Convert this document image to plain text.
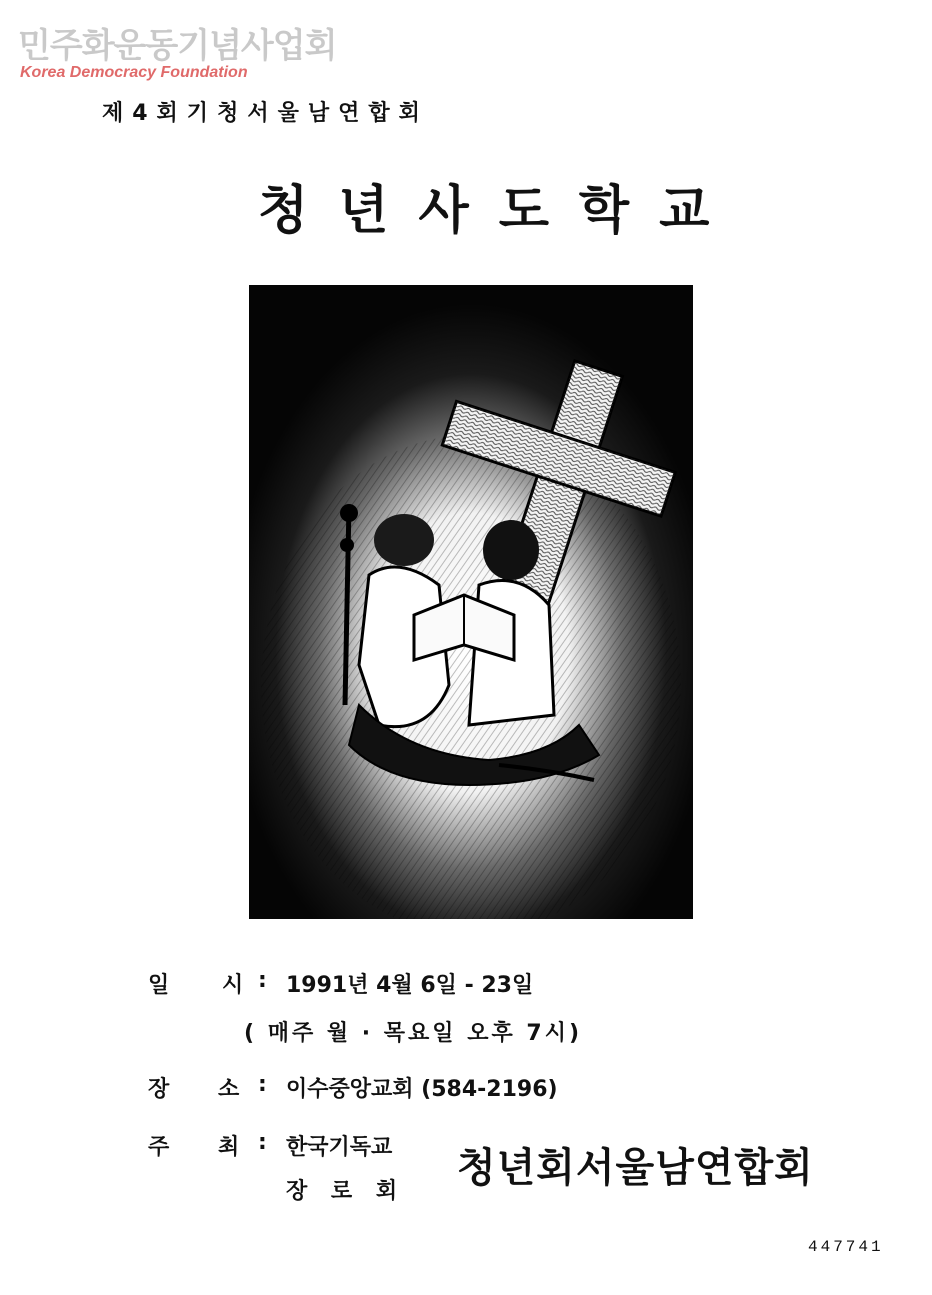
민주화운동기념사업회
Korea Democracy Foundation
제4회기청서울남연합회
청년사도학교
일 시 : 1991년 4월 6일 - 23일
( 매주 월 · 목요일 오후 7시)
장 소 : 이수중앙교회 (584-2196)
주 최 : 한국기독교
장 로 회
청년회서울남연합회
447741
